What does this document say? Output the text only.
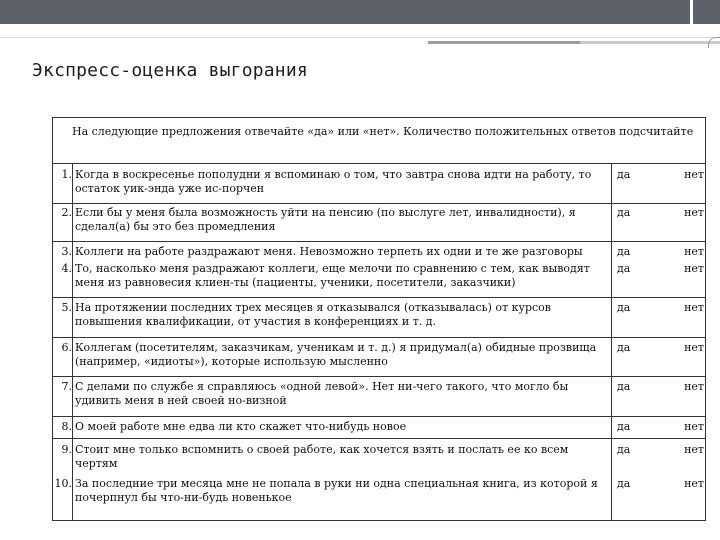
Экспресс-оценка выгорания
На следующие предложения отвечайте «да» или «нет». Количество положительных ответов подсчитайте
1. Когда в воскресенье пополудни я вспоминаю о том, что завтра снова идти на работу, то остаток уик-энда уже ис-порчен
да	нет
2. Если бы у меня была возможность уйти на пенсию (по выслуге лет, инвалидности), я сделал(а) бы это без промедления
да	нет
3. Коллеги на работе раздражают меня. Невозможно терпеть их одни и те же разговоры	да	нет
4. То, насколько меня раздражают коллеги, еще мелочи по сравнению с тем, как выводят меня из равновесия клиен-ты (пациенты, ученики, посетители, заказчики)
да	нет
5. На протяжении последних трех месяцев я отказывался (отказывалась) от курсов повышения квалификации, от участия в конференциях и т. д.
да	нет
6. Коллегам (посетителям, заказчикам, ученикам и т. д.) я придумал(а) обидные прозвища (например, «идиоты»), которые использую мысленно
да	нет
7. С делами по службе я справляюсь «одной левой». Нет ни-чего такого, что могло бы удивить меня в ней своей но-визной
да	нет
8. О моей работе мне едва ли кто скажет что-нибудь новое	да	нет
9. Стоит мне только вспомнить о своей работе, как хочется взять и послать ее ко всем чертям
да	нет
10. За последние три месяца мне не попала в руки ни одна специальная книга, из которой я почерпнул бы что-ни-будь новенькое
да	нет
